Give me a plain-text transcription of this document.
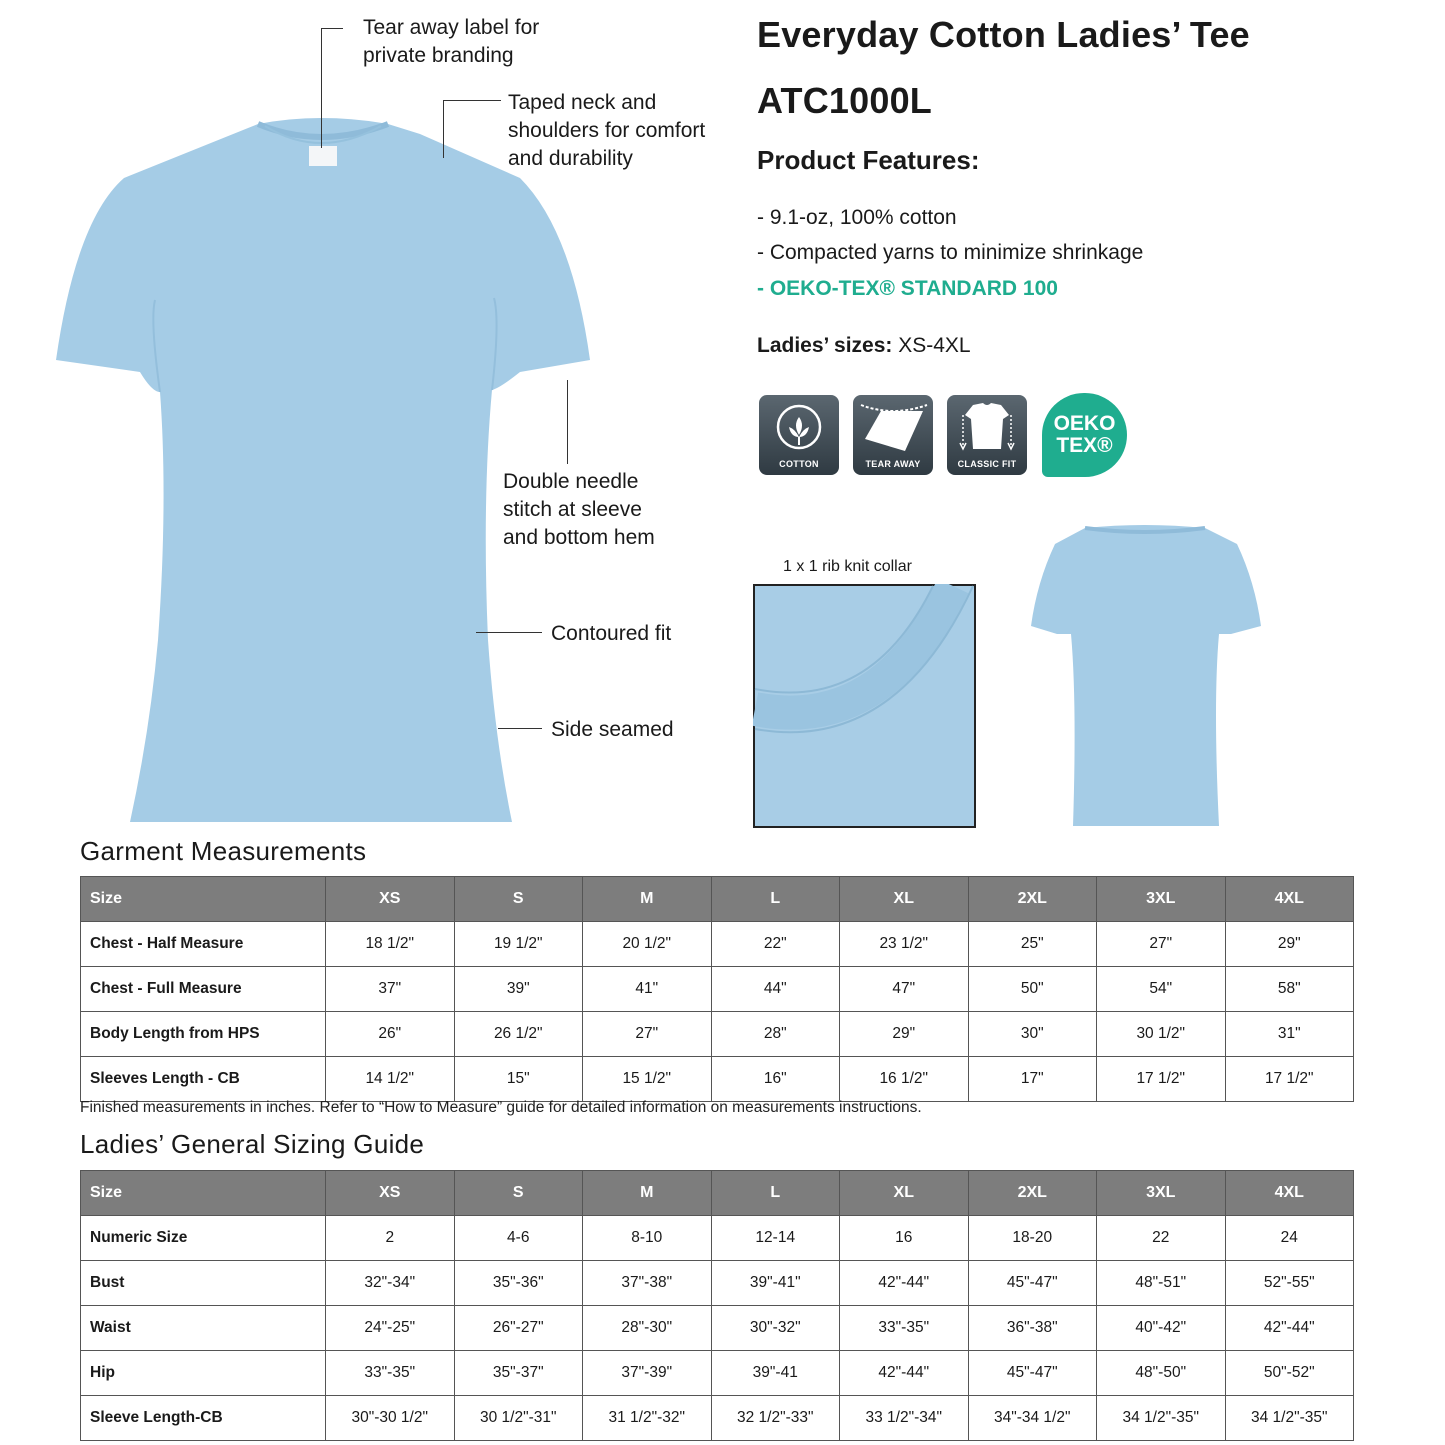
Tear away label for private branding
Taped neck and shoulders for comfort and durability
Double needle stitch at sleeve and bottom hem
Contoured fit
Side seamed
Everyday Cotton Ladies’ Tee
ATC1000L
Product Features:
- 9.1-oz, 100% cotton
- Compacted yarns to minimize shrinkage
- OEKO-TEX® STANDARD 100
Ladies’ sizes: XS-4XL
COTTON	TEAR AWAY	CLASSIC FIT
OEKO
TEX®
1 x 1 rib knit collar
Garment Measurements
Size	XS	S	M	L	XL	2XL	3XL	4XL
Chest - Half Measure	18 1/2"	19 1/2"	20 1/2"	22"	23 1/2"	25"	27"	29"
Chest - Full Measure	37"	39"	41"	44"	47"	50"	54"	58"
Body Length from HPS	26"	26 1/2"	27"	28"	29"	30"	30 1/2"	31"
Sleeves Length - CB	14 1/2"	15"	15 1/2"	16"	16 1/2"	17"	17 1/2"	17 1/2"
Finished measurements in inches. Refer to “How to Measure” guide for detailed information on measurements instructions.
Ladies’ General Sizing Guide
Size	XS	S	M	L	XL	2XL	3XL	4XL
Numeric Size	2	4-6	8-10	12-14	16	18-20	22	24
Bust	32"-34"	35"-36"	37"-38"	39"-41"	42"-44"	45"-47"	48"-51"	52"-55"
Waist	24"-25"	26"-27"	28"-30"	30"-32"	33"-35"	36"-38"	40"-42"	42"-44"
Hip	33"-35"	35"-37"	37"-39"	39"-41	42"-44"	45"-47"	48"-50"	50"-52"
Sleeve Length-CB	30"-30 1/2"	30 1/2"-31"	31 1/2"-32"	32 1/2"-33"	33 1/2"-34"	34"-34 1/2"	34 1/2"-35"	34 1/2"-35"
